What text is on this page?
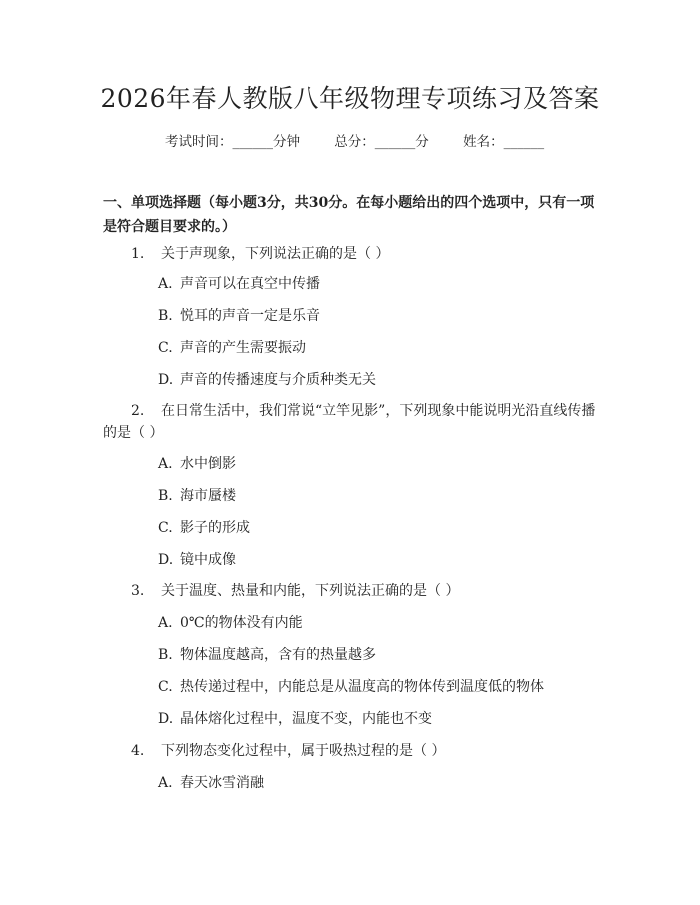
2026年春人教版八年级物理专项练习及答案
考试时间：______分钟	总分：______分	姓名：______

一、单项选择题（每小题3分，共30分。在每小题给出的四个选项中，只有一项是符合题目要求的。）

1. 关于声现象，下列说法正确的是（ ）

A. 声音可以在真空中传播

B. 悦耳的声音一定是乐音

C. 声音的产生需要振动

D. 声音的传播速度与介质种类无关

2. 在日常生活中，我们常说“立竿见影”，下列现象中能说明光沿直线传播的是（ ）

A. 水中倒影

B. 海市蜃楼

C. 影子的形成

D. 镜中成像

3. 关于温度、热量和内能，下列说法正确的是（ ）

A. 0℃的物体没有内能

B. 物体温度越高，含有的热量越多

C. 热传递过程中，内能总是从温度高的物体传到温度低的物体

D. 晶体熔化过程中，温度不变，内能也不变

4. 下列物态变化过程中，属于吸热过程的是（ ）

A. 春天冰雪消融
